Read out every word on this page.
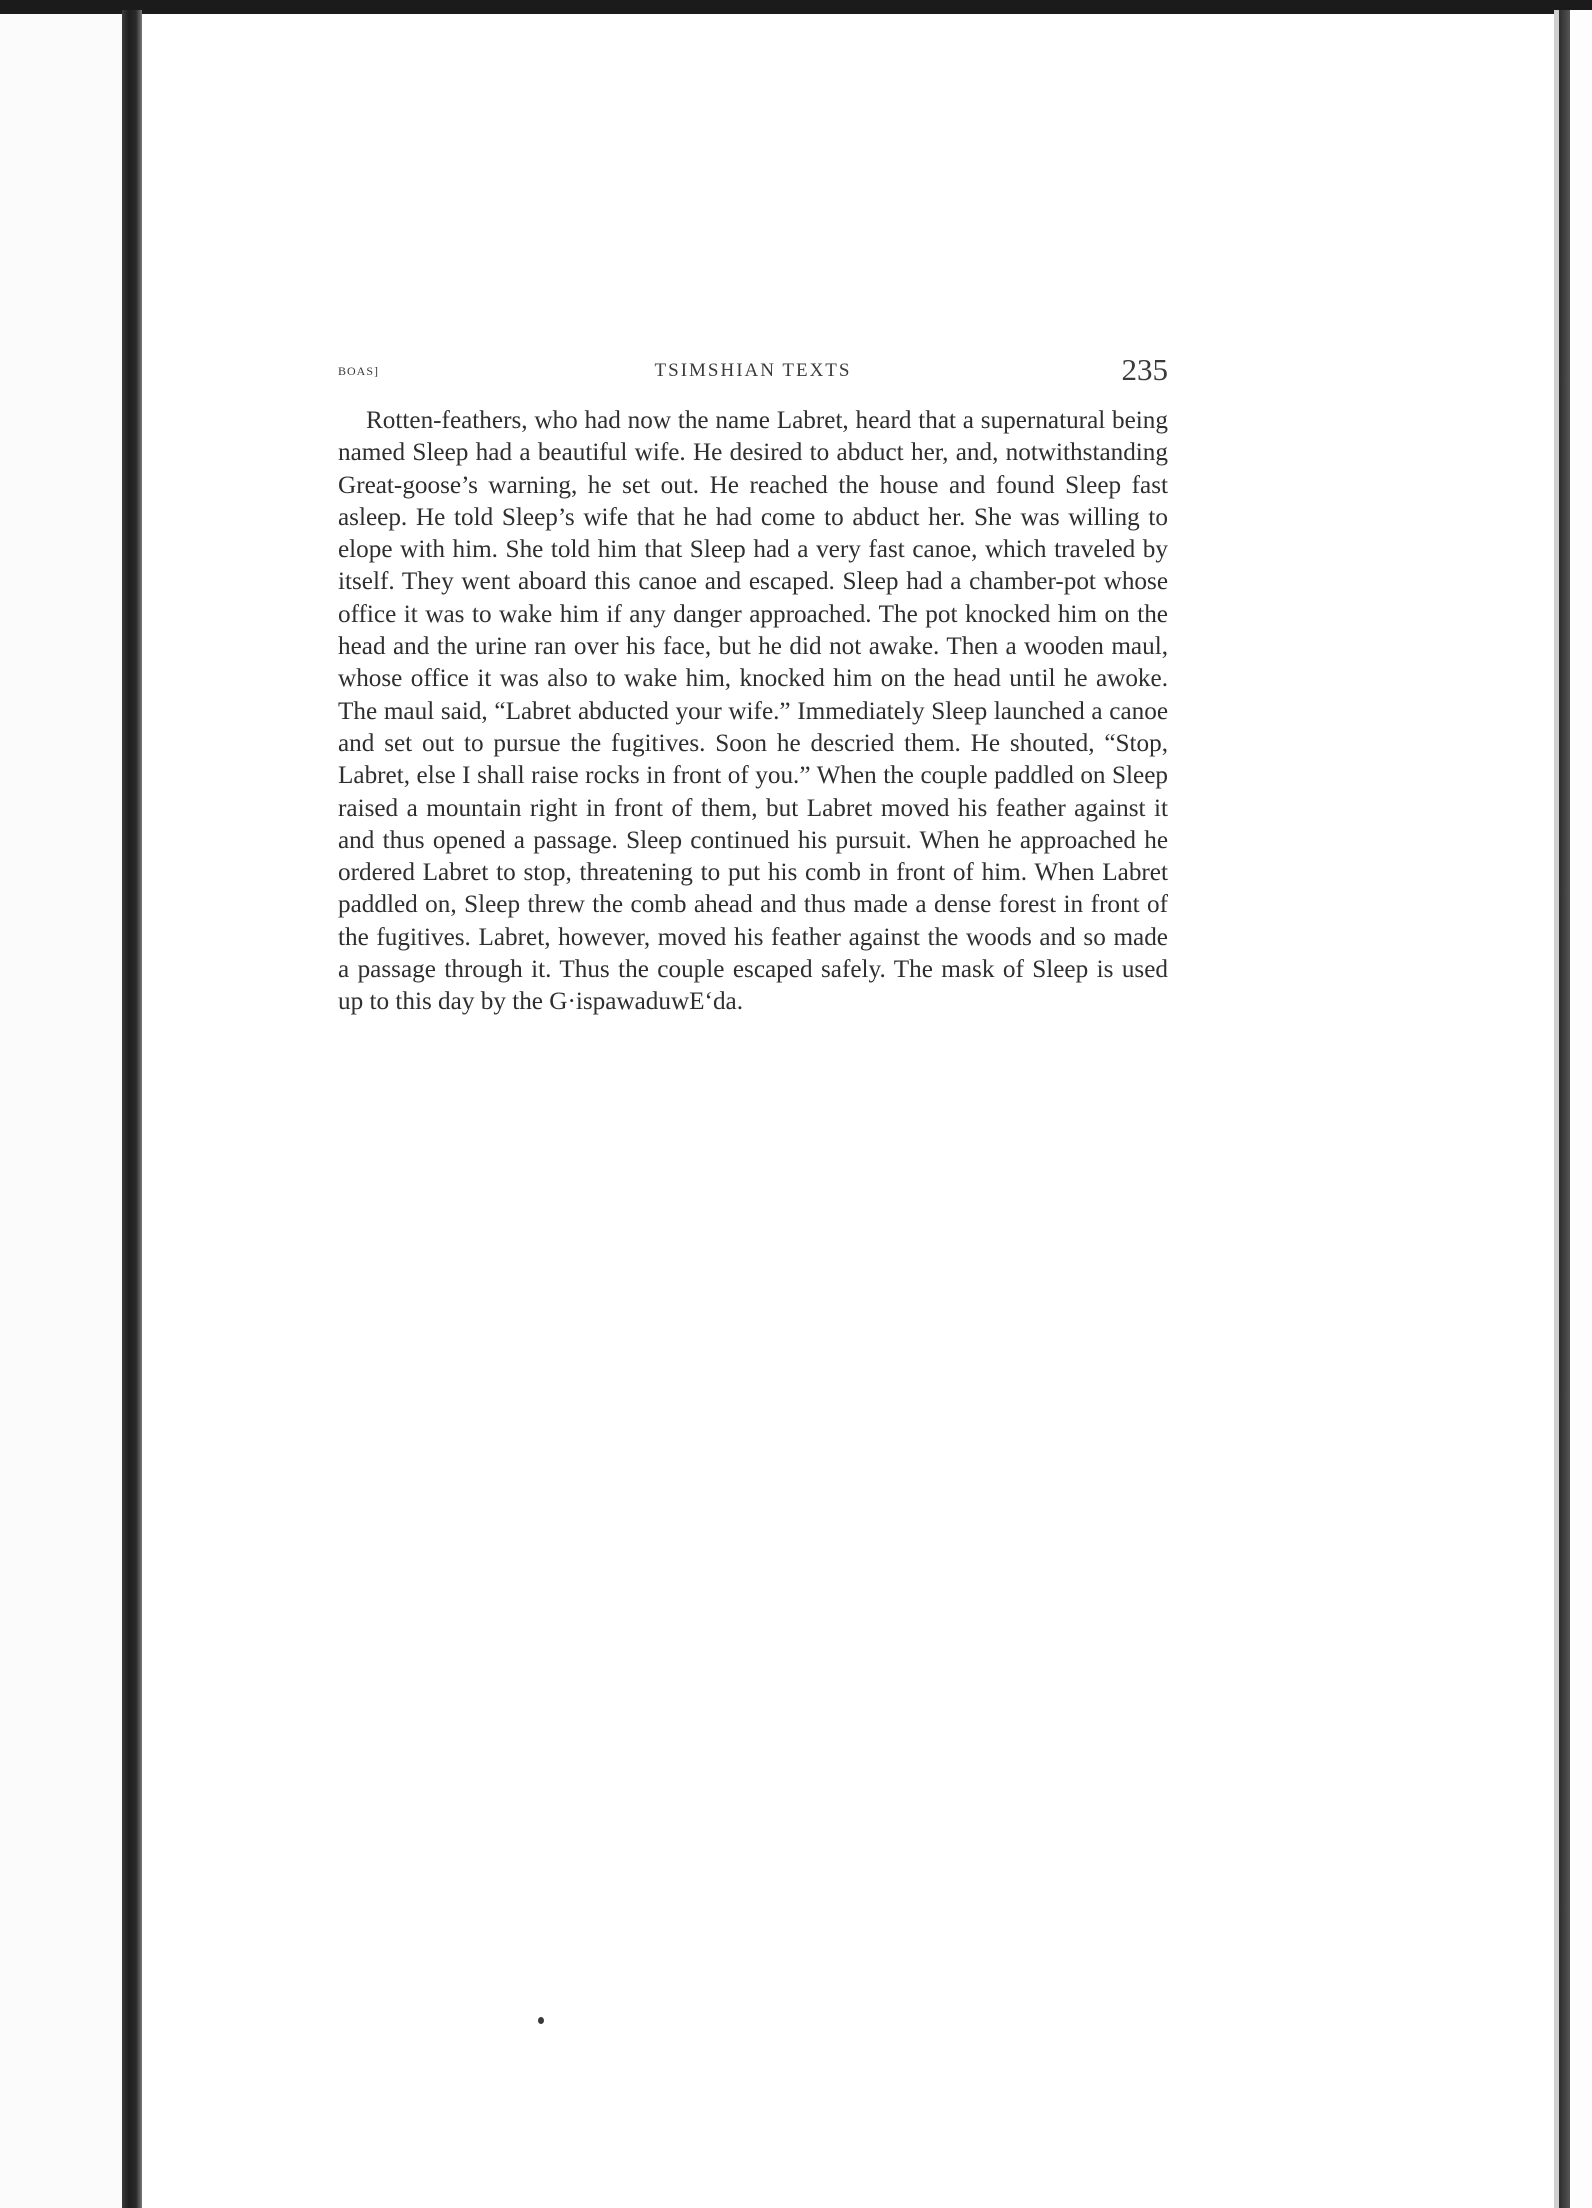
BOAS]	TSIMSHIAN TEXTS	235

Rotten-feathers, who had now the name Labret, heard that a supernatural being named Sleep had a beautiful wife. He desired to abduct her, and, notwithstanding Great-goose’s warning, he set out. He reached the house and found Sleep fast asleep. He told Sleep’s wife that he had come to abduct her. She was willing to elope with him. She told him that Sleep had a very fast canoe, which traveled by itself. They went aboard this canoe and escaped. Sleep had a chamber-pot whose office it was to wake him if any danger approached. The pot knocked him on the head and the urine ran over his face, but he did not awake. Then a wooden maul, whose office it was also to wake him, knocked him on the head until he awoke. The maul said, “Labret abducted your wife.” Immediately Sleep launched a canoe and set out to pursue the fugitives. Soon he descried them. He shouted, “Stop, Labret, else I shall raise rocks in front of you.” When the couple paddled on Sleep raised a mountain right in front of them, but Labret moved his feather against it and thus opened a passage. Sleep continued his pursuit. When he approached he ordered Labret to stop, threatening to put his comb in front of him. When Labret paddled on, Sleep threw the comb ahead and thus made a dense forest in front of the fugitives. Labret, however, moved his feather against the woods and so made a passage through it. Thus the couple escaped safely. The mask of Sleep is used up to this day by the G·ispawaduwEʻda.
